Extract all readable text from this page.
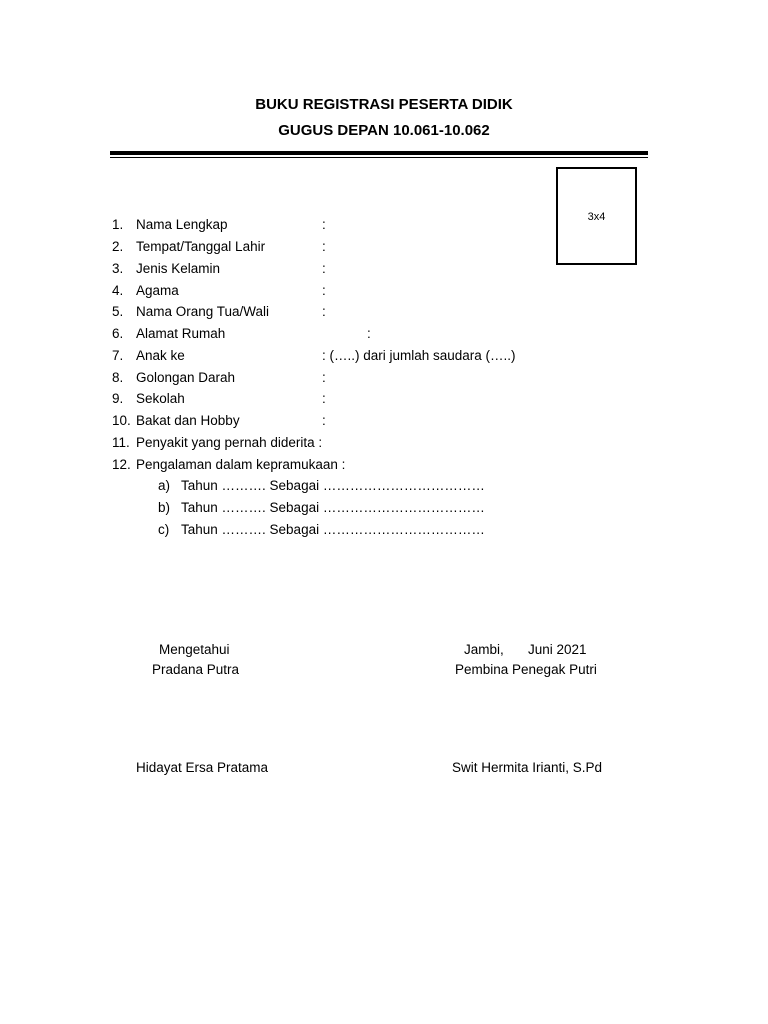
BUKU REGISTRASI PESERTA DIDIK
GUGUS DEPAN 10.061-10.062
3x4
1. Nama Lengkap	:
2. Tempat/Tanggal Lahir	:
3. Jenis Kelamin	:
4. Agama	:
5. Nama Orang Tua/Wali	:
6. Alamat Rumah	:
7. Anak ke	: (…..) dari jumlah saudara (…..)
8. Golongan Darah	:
9. Sekolah	:
10. Bakat dan Hobby	:
11. Penyakit yang pernah diderita :
12. Pengalaman dalam kepramukaan :
a) Tahun ………. Sebagai ………………………………
b) Tahun ………. Sebagai ………………………………
c) Tahun ………. Sebagai ………………………………
Mengetahui
Pradana Putra
Hidayat Ersa Pratama
Jambi, Juni 2021
Pembina Penegak Putri
Swit Hermita Irianti, S.Pd
